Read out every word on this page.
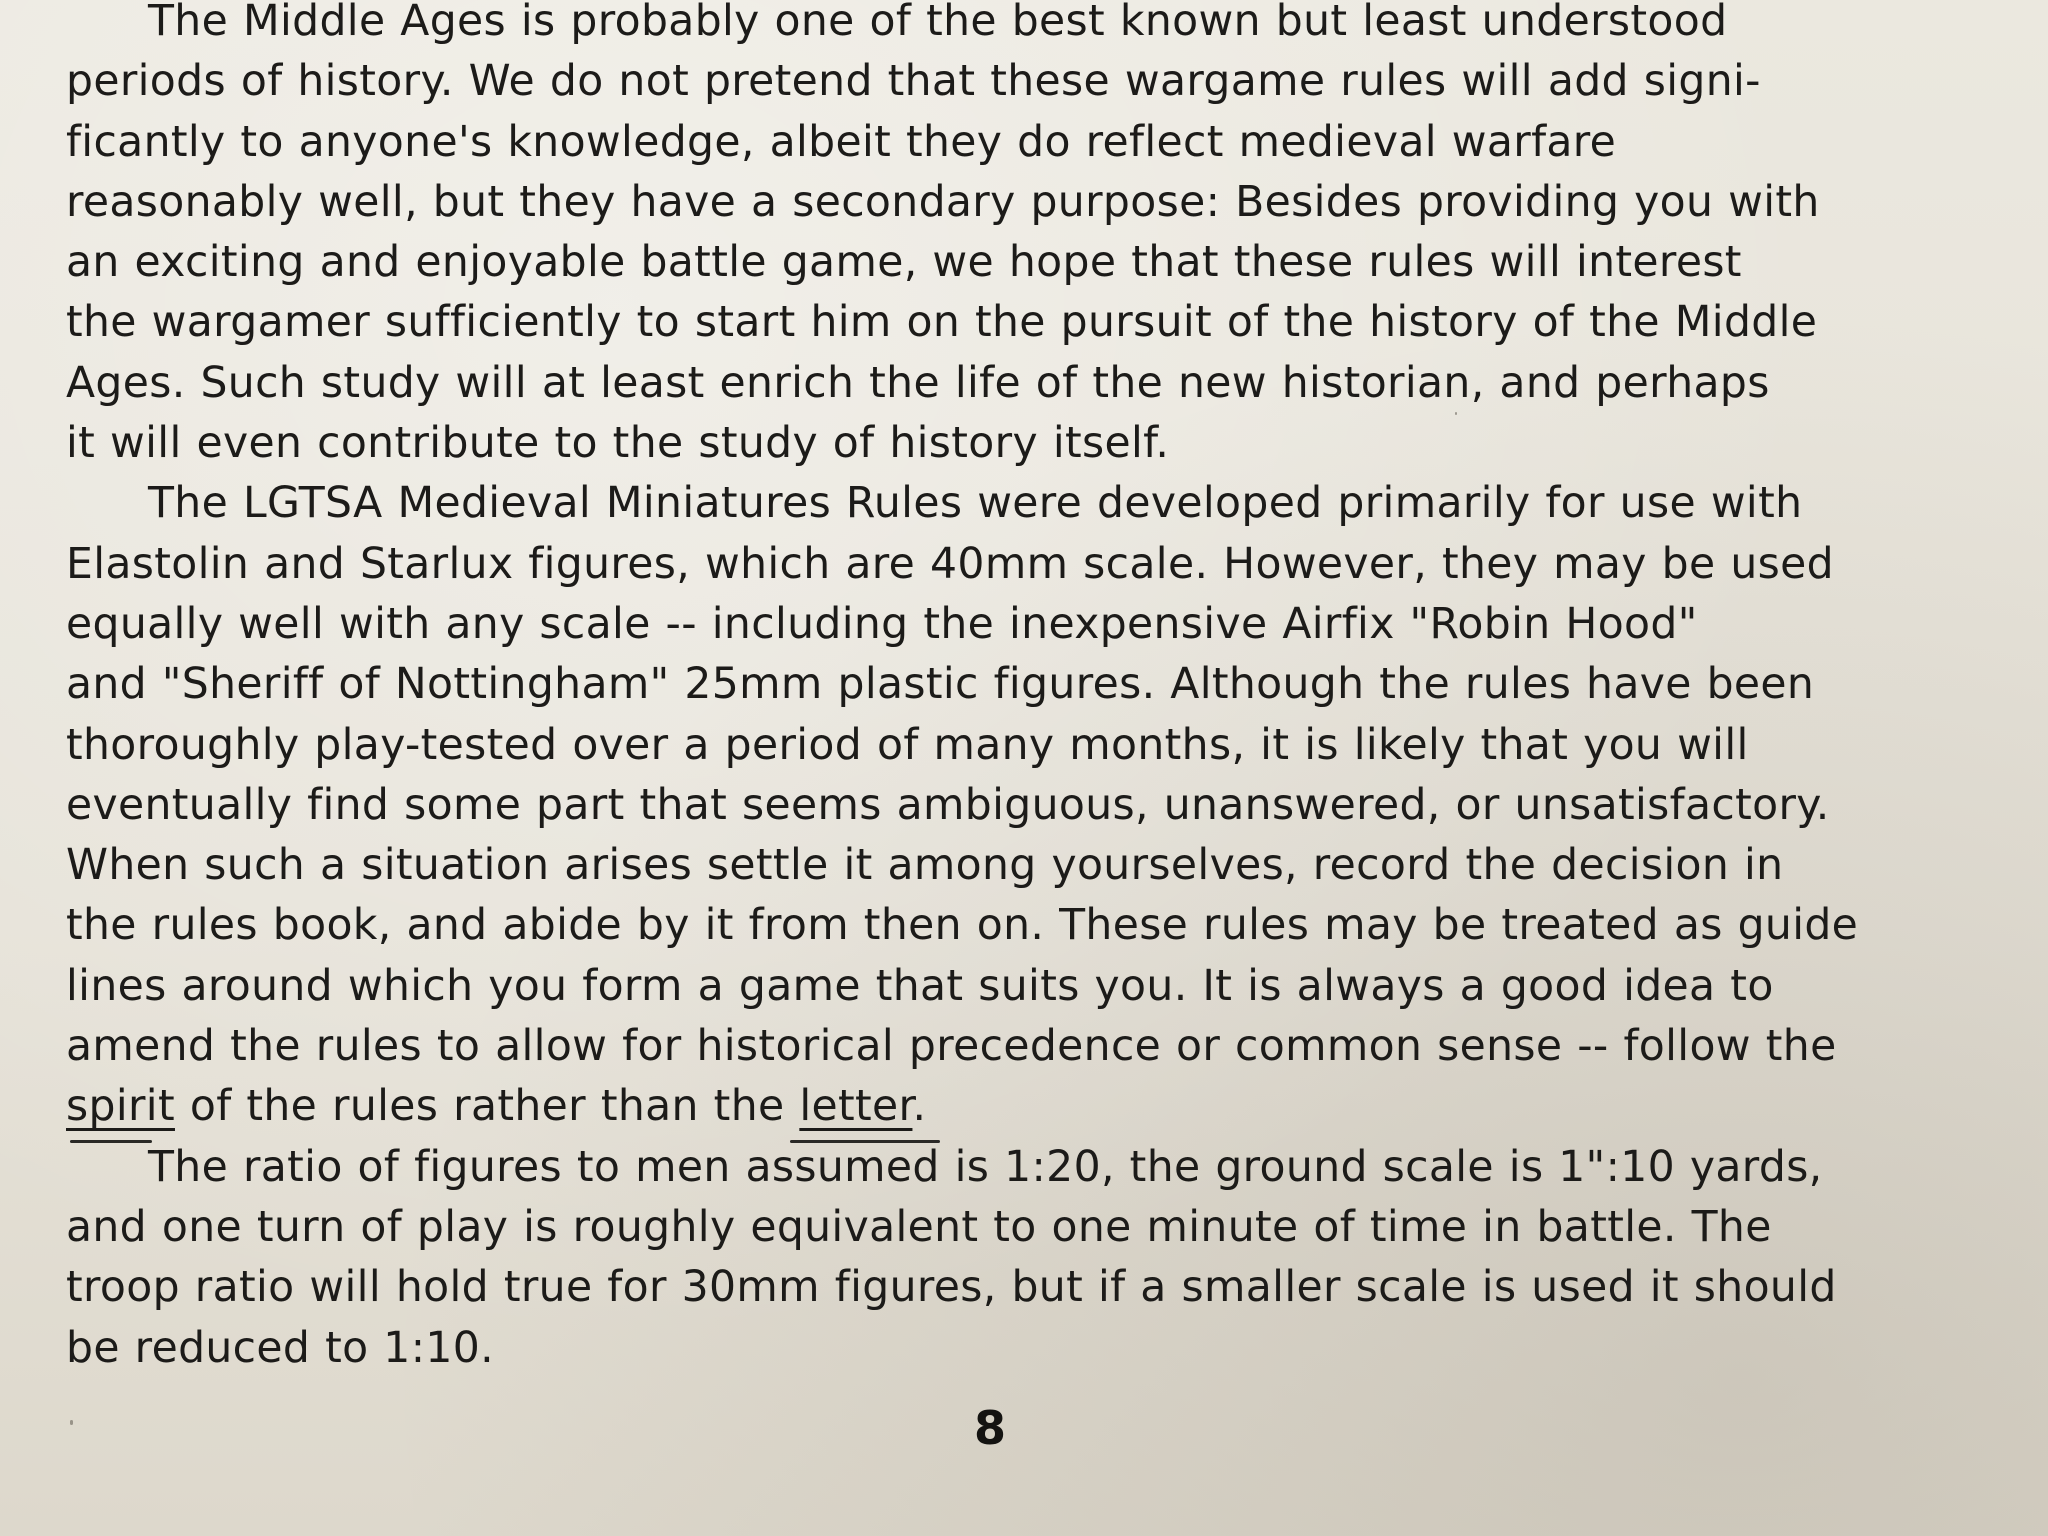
The Middle Ages is probably one of the best known but least understood
periods of history. We do not pretend that these wargame rules will add signi-
ficantly to anyone's knowledge, albeit they do reflect medieval warfare
reasonably well, but they have a secondary purpose: Besides providing you with
an exciting and enjoyable battle game, we hope that these rules will interest
the wargamer sufficiently to start him on the pursuit of the history of the Middle
Ages. Such study will at least enrich the life of the new historian, and perhaps
it will even contribute to the study of history itself.
The LGTSA Medieval Miniatures Rules were developed primarily for use with
Elastolin and Starlux figures, which are 40mm scale. However, they may be used
equally well with any scale -- including the inexpensive Airfix "Robin Hood"
and "Sheriff of Nottingham" 25mm plastic figures. Although the rules have been
thoroughly play-tested over a period of many months, it is likely that you will
eventually find some part that seems ambiguous, unanswered, or unsatisfactory.
When such a situation arises settle it among yourselves, record the decision in
the rules book, and abide by it from then on. These rules may be treated as guide
lines around which you form a game that suits you. It is always a good idea to
amend the rules to allow for historical precedence or common sense -- follow the
spirit of the rules rather than the letter.
The ratio of figures to men assumed is 1:20, the ground scale is 1":10 yards,
and one turn of play is roughly equivalent to one minute of time in battle. The
troop ratio will hold true for 30mm figures, but if a smaller scale is used it should
be reduced to 1:10.
8
